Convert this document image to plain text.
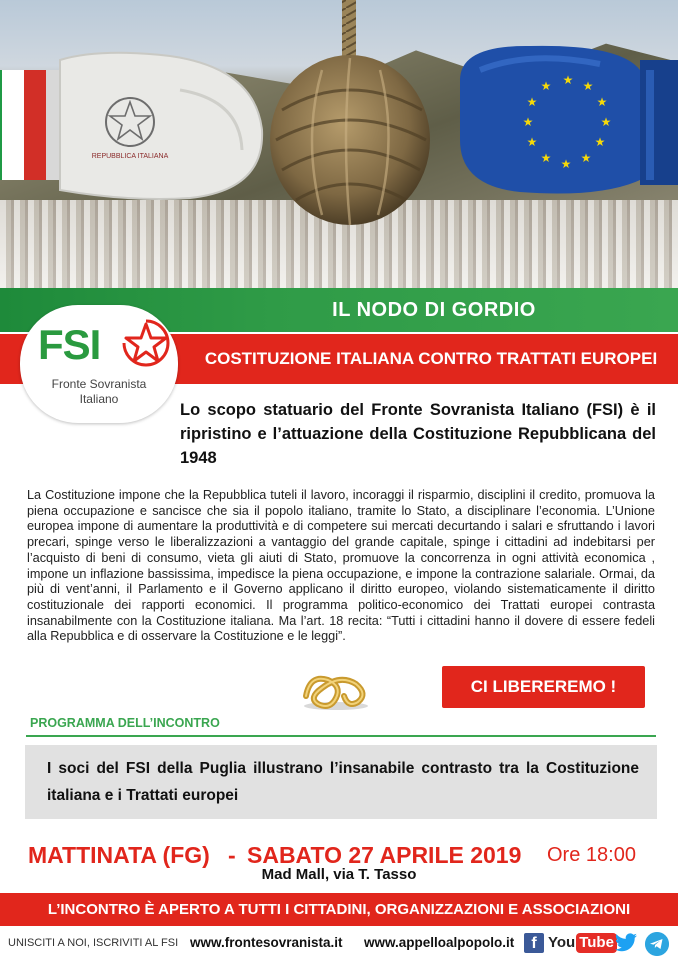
REPUBBLICA ITALIANA
★ ★
★
★
★
★
★
★
★
★
★
★
IL NODO DI GORDIO
COSTITUZIONE ITALIANA CONTRO TRATTATI EUROPEI
FSI
Fronte Sovranista
Italiano

Lo scopo statuario del Fronte Sovranista Italiano (FSI) è il ripristino e l’attuazione della Costituzione Repubblicana del 1948

La Costituzione impone che la Repubblica tuteli il lavoro, incoraggi il risparmio, disciplini il credito, promuova la piena occupazione e sancisce che sia il popolo italiano, tramite lo Stato, a disciplinare l’economia. L’Unione europea impone di aumentare la produttività e di competere sui mercati decurtando i salari e sfruttando i lavori precari, spinge verso le liberalizzazioni a vantaggio del grande capitale, spinge i cittadini ad indebitarsi per l’acquisto di beni di consumo, vieta gli aiuti di Stato, promuove la concorrenza in ogni attività economica , impone un inflazione bassissima, impedisce la piena occupazione, e impone la contrazione salariale. Ormai, da più di vent’anni, il Parlamento e il Governo applicano il diritto europeo, violando sistematicamente il diritto costituzionale dei rapporti economici. Il programma politico-economico dei Trattati europei contrasta insanabilmente con la Costituzione italiana. Ma l’art. 18 recita: “Tutti i cittadini hanno il dovere di essere fedeli alla Repubblica e di osservare la Costituzione e le leggi”.

CI LIBEREREMO !
PROGRAMMA DELL’INCONTRO

I soci del FSI della Puglia illustrano l’insanabile contrasto tra la Costituzione italiana e i Trattati europei

MATTINATA (FG) - SABATO 27 APRILE 2019 Ore 18:00
Mad Mall, via T. Tasso
L’INCONTRO È APERTO A TUTTI I CITTADINI, ORGANIZZAZIONI E ASSOCIAZIONI
UNISCITI A NOI, ISCRIVITI AL FSI www.frontesovranista.it www.appelloalpopolo.it	f You Tube
